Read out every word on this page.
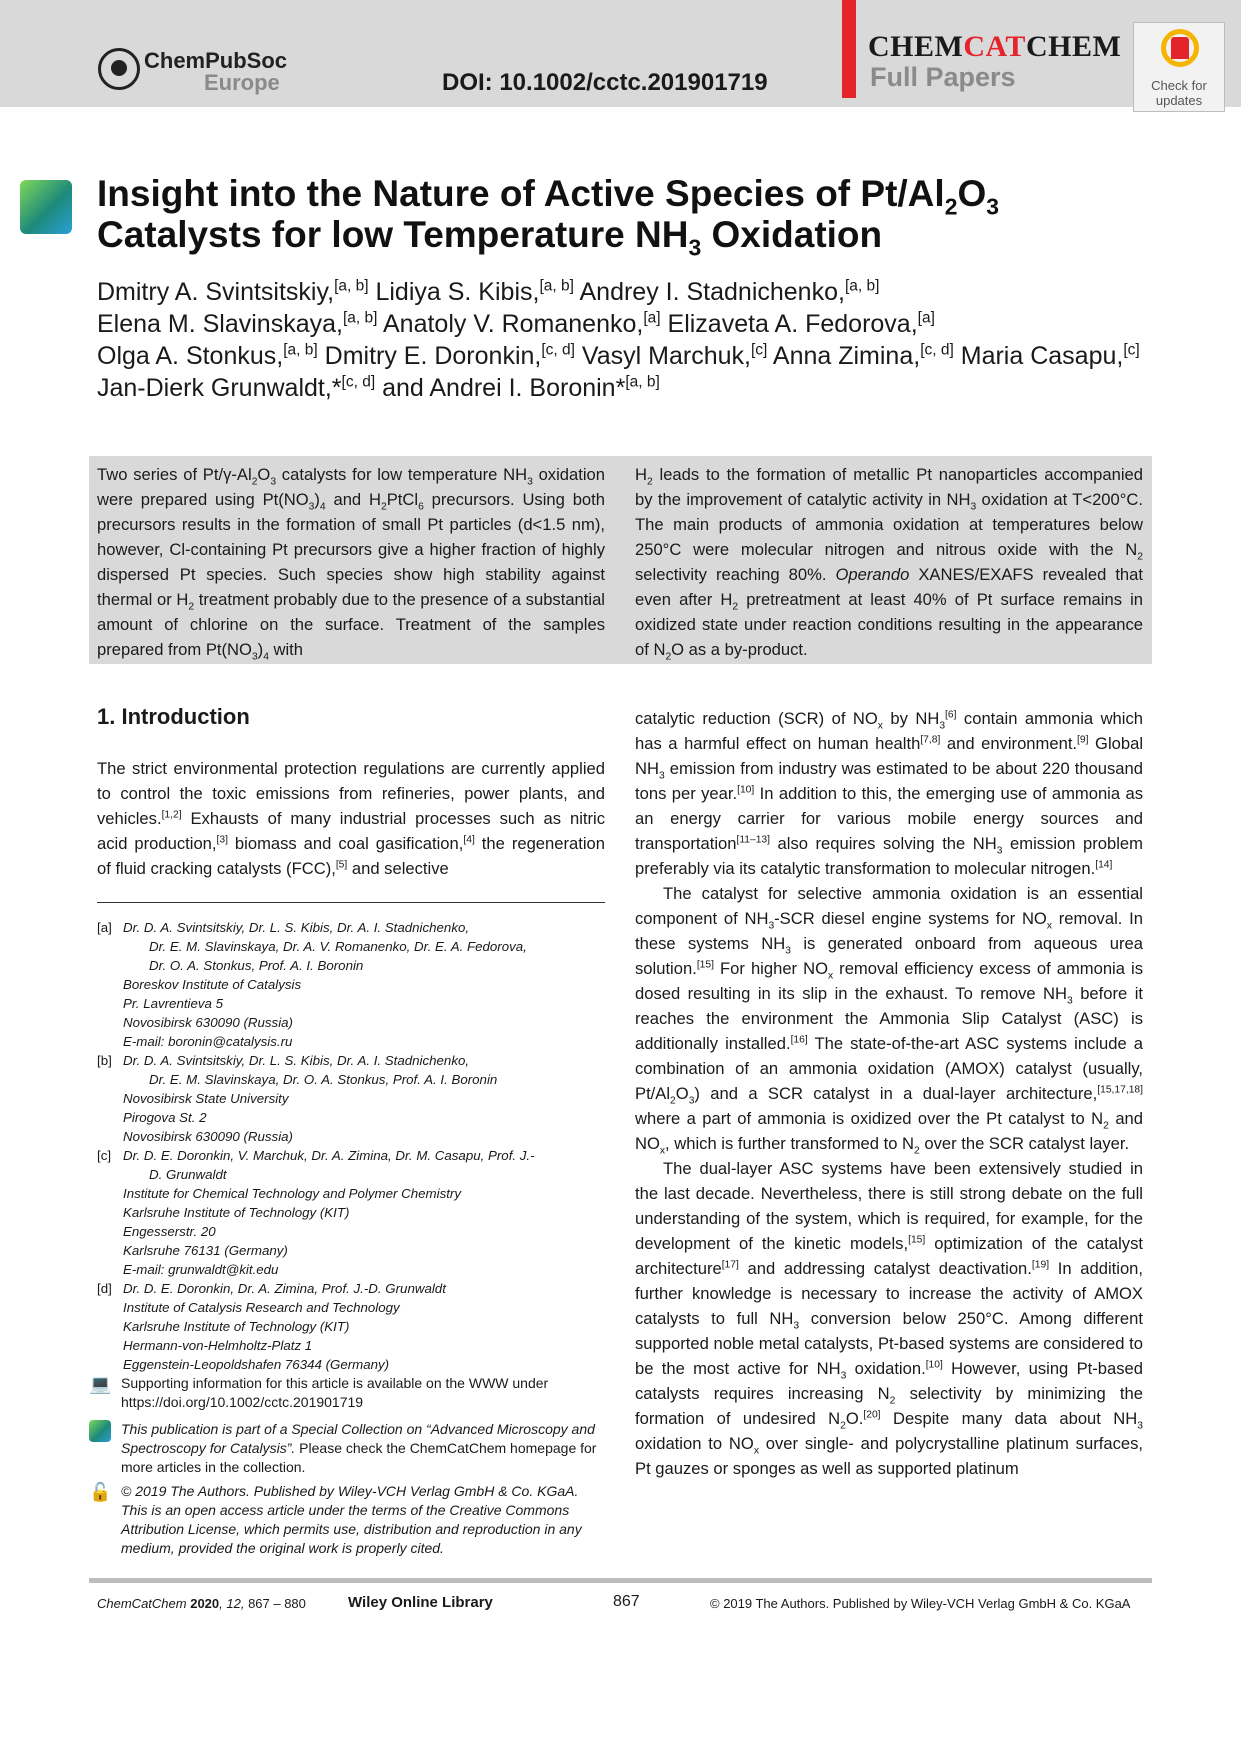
ChemPubSoc
Europe	DOI: 10.1002/cctc.201901719
CHEMCATCHEM
Full Papers	Check for updates
Insight into the Nature of Active Species of $Pt/Al_2O_3$
Catalysts for low Temperature $NH_3$ Oxidation
Dmitry A. Svintsitskiy,[a, b] Lidiya S. Kibis,[a, b] Andrey I. Stadnichenko,[a, b]
Elena M. Slavinskaya,[a, b] Anatoly V. Romanenko,[a] Elizaveta A. Fedorova,[a]
Olga A. Stonkus,[a, b] Dmitry E. Doronkin,[c, d] Vasyl Marchuk,[c] Anna Zimina,[c, d] Maria Casapu,[c]
Jan-Dierk Grunwaldt,*[c, d] and Andrei I. Boronin*[a, b]
Two series of $Pt/\gamma-Al_2O_3$ catalysts for low temperature $NH_3$ oxidation were prepared using $Pt(NO_3)_4$ and $H_2PtCl_6$ precursors. Using both precursors results in the formation of small Pt particles (d<1.5 nm), however, Cl-containing Pt precursors give a higher fraction of highly dispersed Pt species. Such species show high stability against thermal or $H_2$ treatment probably due to the presence of a substantial amount of chlorine on the surface. Treatment of the samples prepared from $Pt(NO_3)_4$ with
$H_2$ leads to the formation of metallic Pt nanoparticles accompanied by the improvement of catalytic activity in $NH_3$ oxidation at T<200°C. The main products of ammonia oxidation at temperatures below 250°C were molecular nitrogen and nitrous oxide with the $N_2$ selectivity reaching 80%. Operando XANES/EXAFS revealed that even after $H_2$ pretreatment at least 40% of Pt surface remains in oxidized state under reaction conditions resulting in the appearance of $N_2O$ as a by-product.
1. Introduction
The strict environmental protection regulations are currently applied to control the toxic emissions from refineries, power plants, and vehicles.[1,2] Exhausts of many industrial processes such as nitric acid production,[3] biomass and coal gasification,[4] the regeneration of fluid cracking catalysts (FCC),[5] and selective
[a] Dr. D. A. Svintsitskiy, Dr. L. S. Kibis, Dr. A. I. Stadnichenko,
Dr. E. M. Slavinskaya, Dr. A. V. Romanenko, Dr. E. A. Fedorova,
Dr. O. A. Stonkus, Prof. A. I. Boronin
Boreskov Institute of Catalysis
Pr. Lavrentieva 5
Novosibirsk 630090 (Russia)
E-mail: boronin@catalysis.ru
[b] Dr. D. A. Svintsitskiy, Dr. L. S. Kibis, Dr. A. I. Stadnichenko,
Dr. E. M. Slavinskaya, Dr. O. A. Stonkus, Prof. A. I. Boronin
Novosibirsk State University
Pirogova St. 2
Novosibirsk 630090 (Russia)
[c] Dr. D. E. Doronkin, V. Marchuk, Dr. A. Zimina, Dr. M. Casapu, Prof. J.-
D. Grunwaldt
Institute for Chemical Technology and Polymer Chemistry
Karlsruhe Institute of Technology (KIT)
Engesserstr. 20
Karlsruhe 76131 (Germany)
E-mail: grunwaldt@kit.edu
[d] Dr. D. E. Doronkin, Dr. A. Zimina, Prof. J.-D. Grunwaldt
Institute of Catalysis Research and Technology
Karlsruhe Institute of Technology (KIT)
Hermann-von-Helmholtz-Platz 1
Eggenstein-Leopoldshafen 76344 (Germany)
💻 Supporting information for this article is available on the WWW under https://doi.org/10.1002/cctc.201901719
This publication is part of a Special Collection on “Advanced Microscopy and Spectroscopy for Catalysis”. Please check the ChemCatChem homepage for more articles in the collection.
🔓 © 2019 The Authors. Published by Wiley-VCH Verlag GmbH & Co. KGaA. This is an open access article under the terms of the Creative Commons Attribution License, which permits use, distribution and reproduction in any medium, provided the original work is properly cited.
catalytic reduction (SCR) of $NO_x$ by $NH_3[6]$ contain ammonia which has a harmful effect on human health[7,8] and environment.[9] Global $NH_3$ emission from industry was estimated to be about 220 thousand tons per year.[10] In addition to this, the emerging use of ammonia as an energy carrier for various mobile energy sources and transportation[11–13] also requires solving the $NH_3$ emission problem preferably via its catalytic transformation to molecular nitrogen.[14]
The catalyst for selective ammonia oxidation is an essential component of $NH_3$-SCR diesel engine systems for $NO_x$ removal. In these systems $NH_3$ is generated onboard from aqueous urea solution.[15] For higher $NO_x$ removal efficiency excess of ammonia is dosed resulting in its slip in the exhaust. To remove $NH_3$ before it reaches the environment the Ammonia Slip Catalyst (ASC) is additionally installed.[16] The state-of-the-art ASC systems include a combination of an ammonia oxidation (AMOX) catalyst (usually, $Pt/Al_2O_3$) and a SCR catalyst in a dual-layer architecture,[15,17,18] where a part of ammonia is oxidized over the Pt catalyst to $N_2$ and $NO_x$, which is further transformed to $N_2$ over the SCR catalyst layer.
The dual-layer ASC systems have been extensively studied in the last decade. Nevertheless, there is still strong debate on the full understanding of the system, which is required, for example, for the development of the kinetic models,[15] optimization of the catalyst architecture[17] and addressing catalyst deactivation.[19] In addition, further knowledge is necessary to increase the activity of AMOX catalysts to full $NH_3$ conversion below 250°C. Among different supported noble metal catalysts, Pt-based systems are considered to be the most active for $NH_3$ oxidation.[10] However, using Pt-based catalysts requires increasing $N_2$ selectivity by minimizing the formation of undesired $N_2O.[20]$ Despite many data about $NH_3$ oxidation to $NO_x$ over single- and polycrystalline platinum surfaces, Pt gauzes or sponges as well as supported platinum
ChemCatChem 2020, 12, 867 – 880	Wiley Online Library	867	© 2019 The Authors. Published by Wiley-VCH Verlag GmbH & Co. KGaA
